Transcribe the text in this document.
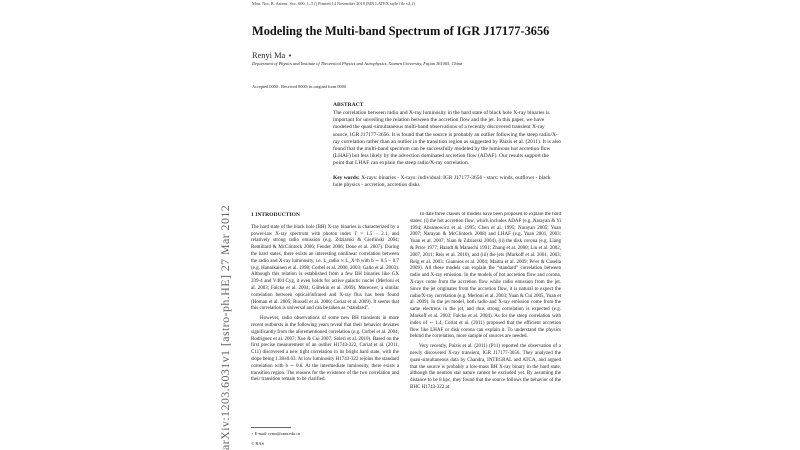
arXiv:1203.6031v1 [astro-ph.HE] 27 Mar 2012
Mon. Not. R. Astron. Soc. 000, 1–5 () Printed 14 November 2018 (MN LATEX style file v2.2)
Modeling the Multi-band Spectrum of IGR J17177-3656
Renyi Ma ⋆
Department of Physics and Institute of Theoretical Physics and Astrophysics, Xiamen University, Fujian 361005, China
Accepted 0000 . Received 0000; in original form 0000
ABSTRACT
The correlation between radio and X-ray luminosity in the hard state of black hole X-ray binaries is important for unveiling the relation between the accretion flow and the jet. In this paper, we have modeled the quasi-simultaneous multi-band observations of a recently discovered transient X-ray source, IGR J17177-3656. It is found that the source is probably an outlier following the steep radio/X-ray correlation rather than an outlier in the transition region as suggested by Paizis et al. (2011). It is also found that the multi-band spectrum can be successfully modeled by the luminous hot accretion flow (LHAF) but less likely by the advection dominated accretion flow (ADAF). Our results support the point that LHAF can explain the steep radio/X-ray correlation.
Key words: X-rays: binaries - X-rays: individual: IGR J17177-3656 - stars: winds, outflows - black hole physics - accretion, accretion disks
1 INTRODUCTION

The hard state of the black hole (BH) X-ray binaries is characterized by a power-law X-ray spectrum with photon index Γ = 1.5 − 2.1, and relatively strong radio emission (e.g. Zdziarski & Gierliński 2004; Remillard & McClintock 2006; Fender 2006; Done et al. 2007). During the hard states, there exists an interesting nonlinear correlation between the radio and X-ray luminosity, i.e. L_radio ∝ L_X^b with b ∼ 0.5 − 0.7 (e.g. Hannikainen et al. 1998; Corbel et al. 2000, 2003; Gallo et al. 2003). Although this relation is established from a few BH binaries like GX 339-4 and V404 Cyg, it even holds for active galactic nuclei (Merloni et al. 2003; Falcke et al. 2004; Gültekin et al. 2009). Moreover, a similar correlation between optical/infrared and X-ray flux has been found (Homan et al. 2005; Russell et al. 2006; Coriat et al. 2009). It seems that this correlation is universal and can be taken as “standard”.

However, radio observations of some new BH transients in more recent outbursts in the following years reveal that their behavior deviates significantly from the aforementioned correlation (e.g. Corbel et al. 2004; Rodriguez et al. 2007; Xue & Cui 2007; Soleri et al. 2010). Based on the first precise measurement of an outlier H1743-322, Coriat et al. (2011, C11) discovered a new tight correlation in its bright hard state, with the slope being 1.38±0.03. At low luminosity H1743-322 rejoins the standard correlation with b ∼ 0.6. At the intermediate luminosity, there exists a transition region. The reasons for the existence of the two correlation and their transition remain to be clarified.

To date three classes of models have been proposed to explain the hard states: (i) the hot accretion flow, which includes ADAF (e.g. Narayan & Yi 1994; Abramowicz et al. 1995; Chen et al. 1995; Narayan 2005; Yuan 2007; Narayan & McClintock 2008) and LHAF (e.g. Yuan 2001, 2003; Yuan et al. 2007; Yuan & Zdziarski 2004), (ii) the disk corona (e.g. Liang & Price 1977; Haardt & Maraschi 1991; Zhang et al. 2000; Liu et al. 2002, 2007, 2011; Reis et al. 2010), and (iii) the jets (Markoff et al. 2001, 2003; Reig et al. 2003; Giannios et al. 2004; Maitra et al. 2009; Pe'er & Casella 2009). All these models can explain the “standard” correlation between radio and X-ray emission. In the models of hot accretion flow and corona, X-rays come from the accretion flow while radio emission from the jet. Since the jet originates from the accretion flow, it is natural to expect the radio/X-ray correlation (e.g. Merloni et al. 2003; Yuan & Cui 2005, Yuan et al. 2009). In the jet model, both radio and X-ray emission come from the same electrons in the jet, and thus strong correlation is expected (e.g. Markoff et al. 2003; Falcke et al. 2004). As for the steep correlation with index of ∼ 1.4, Coriat et al. (2011) proposed that the efficient accretion flow like LHAF or disk corona can explain it. To understand the physics behind the correlation, more sample of sources are needed.

Very recently, Paizis et al. (2011) (P11) reported the observation of a newly discovered X-ray transient, IGR J17177-3656. They analyzed the quasi-simultaneous data by Chandra, INTEGRAL and ATCA, and argued that the source is probably a low-mass BH X-ray binary in the hard state, although the neutron star nature cannot be excluded yet. By assuming the distance to be 8 kpc, they found that the source follows the behavior of the BHC H1743-322 at

⋆ E-mail: ryma@xmu.edu.cn
© RAS
